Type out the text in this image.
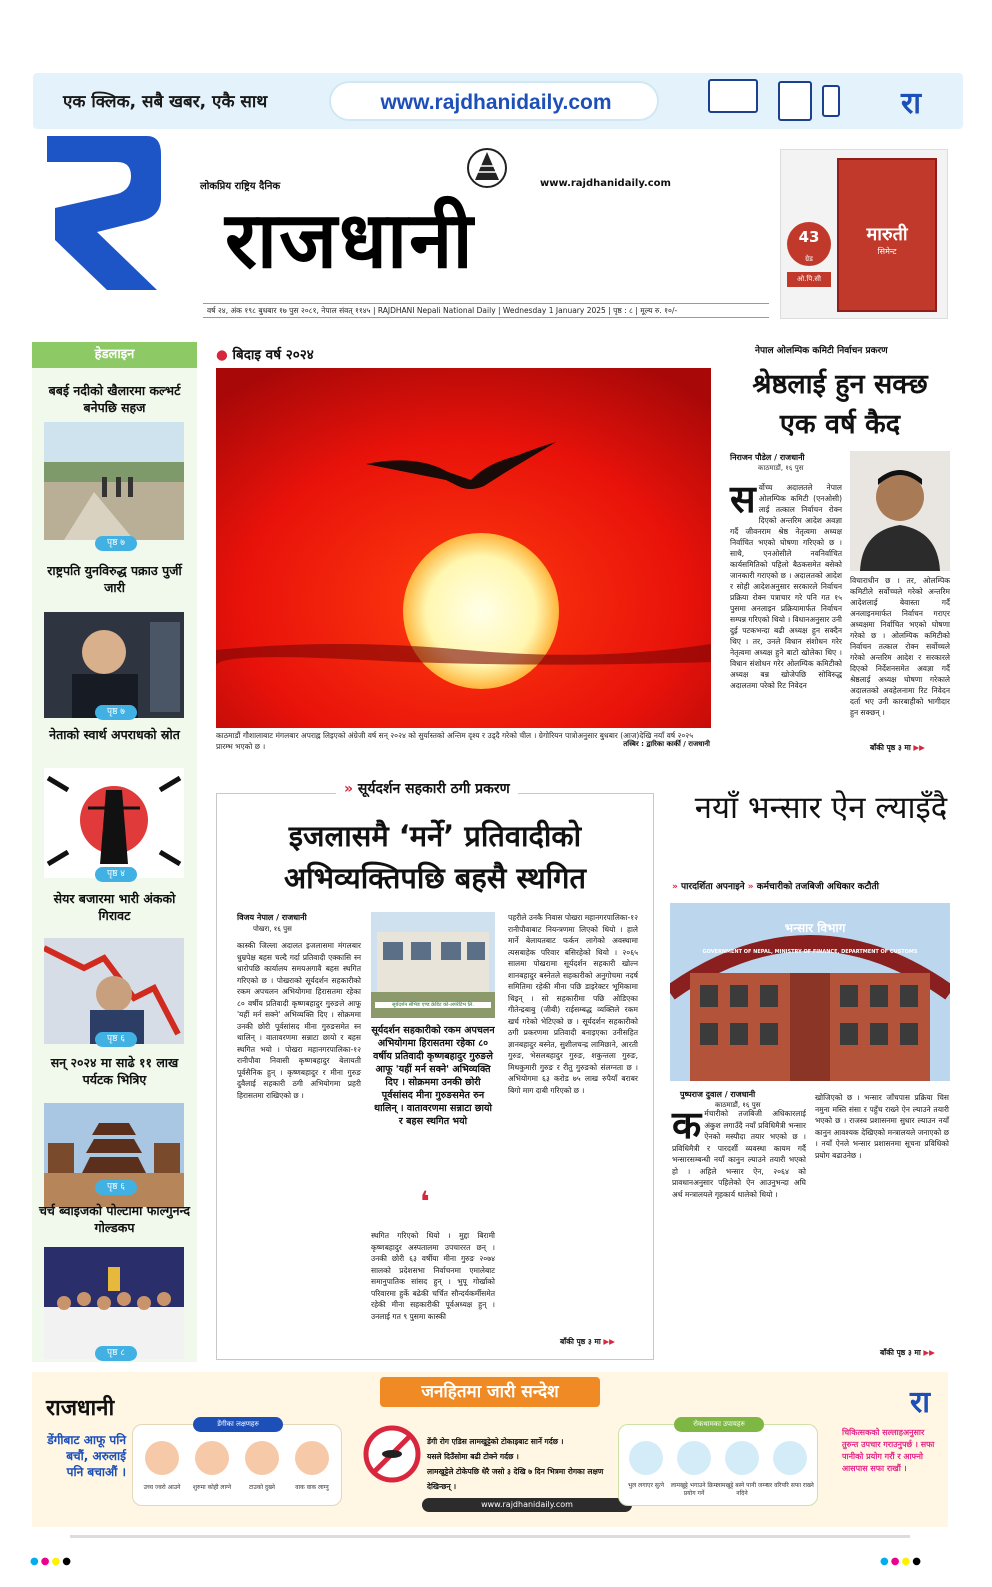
एक क्लिक, सबै खबर, एकै साथ	www.rajdhanidaily.com	रा
लोकप्रिय राष्ट्रिय दैनिक	www.rajdhanidaily.com
राजधानी
वर्ष २४, अंक १९८ बुधबार १७ पुस २०८१, नेपाल संवत् ११४५ | RAJDHANI Nepali National Daily | Wednesday 1 January 2025 | पृष्ठ : ८ | मूल्य रु. १०/-
मारुती
सिमेन्ट
43
ग्रेड
ओ.पि.सी
हेडलाइन
बबई नदीको खैलारमा कल्भर्ट बनेपछि सहज
पृष्ठ ७
राष्ट्रपति युनविरुद्ध पक्राउ पुर्जी जारी
पृष्ठ ७
नेताको स्वार्थ अपराधको स्रोत
पृष्ठ ४
सेयर बजारमा भारी अंकको गिरावट
पृष्ठ ६
सन् २०२४ मा साढे ११ लाख पर्यटक भित्रिए
पृष्ठ ६
चर्च ब्वाइजको पोल्टामा फाल्गुनन्द गोल्डकप
पृष्ठ ८
● बिदाइ वर्ष २०२४
काठमाडौं गौशालाबाट मंगलबार अपराह्न लिइएको अंग्रेजी वर्ष सन् २०२४ को सुर्यास्तको अन्तिम दृश्य र उड्दै गरेको चील । ग्रेगोरियन पात्रोअनुसार बुधबार (आज)देखि नयाँ वर्ष २०२५ प्रारम्भ भएको छ ।	तस्बिर : द्वारिका कार्की / राजधानी
नेपाल ओलम्पिक कमिटी निर्वाचन प्रकरण
श्रेष्ठलाई हुन सक्छ एक वर्ष कैद
निराजन पौडेल / राजधानी
काठमाडौं, १६ पुस
सर्वोच्च अदालतले नेपाल ओलम्पिक कमिटी (एनओसी) लाई तत्काल निर्वाचन रोक्न दिएको अन्तरिम आदेश अवज्ञा गर्दै जीवनराम श्रेष्ठ नेतृत्वमा अध्यक्ष निर्वाचित भएको घोषणा गरिएको छ । साथै, एनओसीले नवनिर्वाचित कार्यसमितिको पहिलो बैठकसमेत बसेको जानकारी गराएको छ । अदालतको आदेश र सोही आदेशअनुसार सरकारले निर्वाचन प्रक्रिया रोक्न पत्राचार गरे पनि गत १५ पुसमा अनलाइन प्रक्रियामार्फत निर्वाचन सम्पन्न गरिएको थियो । विधानअनुसार उनी दुई पटकभन्दा बढी अध्यक्ष हुन सक्दैन थिए । तर, उनले विधान संशोधन गरेर नेतृत्वमा अध्यक्ष हुने बाटो खोलेका थिए । विधान संशोधन गरेर ओलम्पिक कमिटीको अध्यक्ष बन्न खोजेपछि सोविरुद्ध अदालतमा परेको रिट निवेदन
विचाराधीन छ । तर, ओलम्पिक कमिटीले सर्वोच्चले गरेको अन्तरिम आदेशलाई बेवास्ता गर्दै अनलाइनमार्फत निर्वाचन गराएर अध्यक्षमा निर्वाचित भएको घोषणा गरेको छ । ओलम्पिक कमिटीको निर्वाचन तत्काल रोक्न सर्वोच्चले गरेको अन्तरिम आदेश र सरकारले दिएको निर्देशनसमेत अवज्ञा गर्दै श्रेष्ठलाई अध्यक्ष घोषणा गरेकाले अदालतको अवहेलनामा रिट निवेदन दर्ता भए उनी कारबाहीको भागीदार हुन सक्छन् ।
बाँकी पृष्ठ ३ मा ▶▶
» सूर्यदर्शन सहकारी ठगी प्रकरण
इजलासमै ‘मर्ने’ प्रतिवादीको अभिव्यक्तिपछि बहसै स्थगित
विजय नेपाल / राजधानी
पोखरा, १६ पुस
कास्की जिल्ला अदालत इजलासमा मंगलबार धुम्रपेक्ष बहस चल्दै गर्दा प्रतिवादी एक्कासि स्न धारोपछि कार्यालय समयअगावै बहस स्थगित गरिएको छ । पोखराको सूर्यदर्शन सहकारीको रकम अपचलन अभियोगमा हिरासतमा रहेका ८० वर्षीय प्रतिवादी कृष्णबहादुर गुरुङले आफू 'यहीं मर्न सक्ने' अभिव्यक्ति दिए । सोक्रममा उनकी छोरी पूर्वसांसद मीना गुरुङसमेत स्न थालिन् । वातावरणमा सन्नाटा छायो र बहस स्थगित भयो । पोखरा महानगरपालिका-१२ रानीपौवा निवासी कृष्णबहादुर बेलायती पूर्वसैनिक हुन् । कृष्णबहादुर र मीना गुरुङ दुवैलाई सहकारी ठगी अभियोगमा प्रहरी हिरासतमा राखिएको छ ।
सूर्यदर्शन सेभिङ एण्ड क्रेडिट को-अपरेटिभ लि.
सूर्यदर्शन सहकारीको रकम अपचलन अभियोगमा हिरासतमा रहेका ८० वर्षीय प्रतिवादी कृष्णबहादुर गुरुङले आफू 'यहीं मर्न सक्ने' अभिव्यक्ति दिए । सोक्रममा उनकी छोरी पूर्वसांसद मीना गुरुङसमेत रुन थालिन् । वातावरणमा सन्नाटा छायो र बहस स्थगित भयो
❛
स्थगित गरिएको थियो । मुद्दा बिरामी कृष्णबहादुर अस्पतालमा उपचाररत छन् । उनकी छोरी ६३ वर्षीया मीना गुरुङ २०७४ सालको प्रदेशसभा निर्वाचनमा एमालेबाट समानुपातिक सांसद हुन् । भुपू गोर्खाको परिवारमा हुर्के बढेकी चर्चित सौन्दर्यकर्मीसमेत रहेकी मीना सहकारीकी पूर्वअध्यक्ष हुन् । उनलाई गत ९ पुसमा कास्की
पहरीले उनकै निवास पोखरा महानगरपालिका-१२ रानीपौवाबाट नियन्त्रणमा लिएको थियो । हाले मार्ने बेलायतबाट फर्कन लागेको अवस्थामा त्यसबाहेक परिवार बसिरहेको थियो । २०६५ सालमा पोखरामा सूर्यदर्शन सहकारी खोल्न शानबहादुर बस्नेतले सहकारीको अनुगोचमा नदर्ष समितिमा रहेकी मीना पछि डाइरेक्टर भूमिकामा थिइन् । सो सहकारीमा पछि ओडिएका गीतेन्द्रबाबु (जीबी) राईसम्बद्ध व्यक्तिले रकम खर्च गरेको भेटिएको छ । सूर्यदर्शन सहकारीको ठगी प्रकरणमा प्रतिवादी बनाइएका उनीसहित ज्ञानबहादुर बस्नेत, सुशीलचन्द्र लामिछाने, आरती गुरुङ, भेसलबहादुर गुरुङ, शकुन्तला गुरुङ, मिथकुमारी गुरुङ र रीतु गुरुङको संलग्नता छ । अभियोगमा ६३ करोड ७५ लाख रुपैयाँ बराबर बिगो माग दाबी गरिएको छ ।
बाँकी पृष्ठ ३ मा ▶▶
नयाँ भन्सार ऐन ल्याइँदै
» पारदर्शिता अपनाइने » कर्मचारीको तजबिजी अधिकार कटौती
भन्सार विभाग
GOVERNMENT OF NEPAL, MINISTRY OF FINANCE, DEPARTMENT OF CUSTOMS
पुष्पराज दुवाल / राजधानी
काठमाडौं, १६ पुस
कर्मचारीको तजबिजी अधिकारलाई अंकुश लगाउँदै नयाँ प्रविधिमैत्री भन्सार ऐनको मस्यौदा तयार भएको छ । प्रविधिमैत्री र पारदर्शी व्यवस्था कायम गर्दै भन्सारसम्बन्धी नयाँ कानुन ल्याउने तयारी भएको हो । अहिले भन्सार ऐन, २०६४ को प्रावधानअनुसार पहिलेको ऐन आउनुभन्दा अघि अर्थ मन्त्रालयले गृहकार्य थालेको थियो ।
खोजिएको छ । भन्सार जाँचपास प्रक्रिया चिस नमुना मस्ति संसा र पहुँच राख्ने ऐन ल्याउने तयारी भएको छ । राजस्व प्रशासनमा सुधार ल्याउन नयाँ कानुन आवश्यक देखिएको मन्त्रालयले जनाएको छ । नयाँ ऐनले भन्सार प्रशासनमा सूचना प्रविधिको प्रयोग बढाउनेछ ।
बाँकी पृष्ठ ३ मा ▶▶
राजधानी
डेंगीबाट आफू पनि बचौं, अरुलाई पनि बचाऔं ।
डेंगीका लक्षणहरु
उच्च ज्वरो आउने	शुरुमा कोही लाग्ने	टाउको दुख्ने	वाक वाक लाग्नु
जनहितमा जारी सन्देश
डेंगी रोग एडिस लामखुट्टेको टोकाइबाट सार्ने गर्दछ ।
यसले दिउँसोमा बढी टोक्ने गर्दछ ।
लामखुट्टेले टोकेपछि धेरै जसो ३ देखि ७ दिन भित्रमा रोगका लक्षण देखिन्छन् ।
www.rajdhanidaily.com
रोकथामका उपायहरु
भुल लगाएर सुत्ने	लामखुट्टे भगाउने क्रिम प्रयोग गर्ने
लामखुट्टे बस्ने पानी जम्न नदिने
घर वरिपरि सफा राख्ने
रा
चिकित्सकको सल्लाहअनुसार तुरुन्त उपचार गराउनुपर्छ । सफा पानीको प्रयोग गरौं र आफ्नो आसपास सफा राखौं ।
●●●●	●●●●
